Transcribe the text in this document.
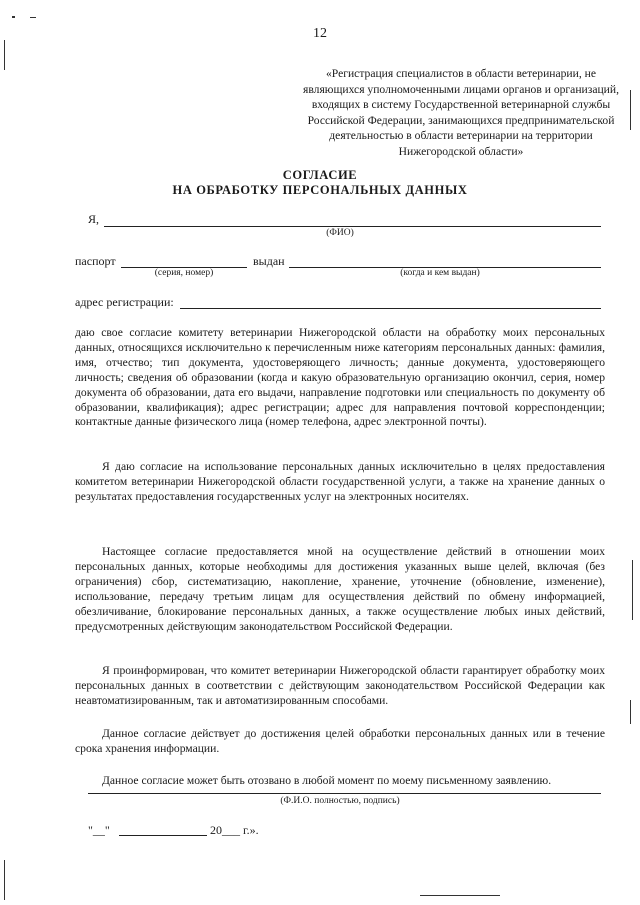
12
«Регистрация специалистов в области ветеринарии, не являющихся уполномоченными лицами органов и организаций, входящих в систему Государственной ветеринарной службы Российской Федерации, занимающихся предпринимательской деятельностью в области ветеринарии на территории Нижегородской области»
СОГЛАСИЕ
НА ОБРАБОТКУ ПЕРСОНАЛЬНЫХ ДАННЫХ
Я,
(ФИО)
паспорт
(серия, номер)
выдан
(когда и кем выдан)
адрес регистрации:
даю свое согласие комитету ветеринарии Нижегородской области на обработку моих персональных данных, относящихся исключительно к перечисленным ниже категориям персональных данных: фамилия, имя, отчество; тип документа, удостоверяющего личность; данные документа, удостоверяющего личность; сведения об образовании (когда и какую образовательную организацию окончил, серия, номер документа об образовании, дата его выдачи, направление подготовки или специальность по документу об образовании, квалификация); адрес регистрации; адрес для направления почтовой корреспонденции; контактные данные физического лица (номер телефона, адрес электронной почты).
Я даю согласие на использование персональных данных исключительно в целях предоставления комитетом ветеринарии Нижегородской области государственной услуги, а также на хранение данных о результатах предоставления государственных услуг на электронных носителях.
Настоящее согласие предоставляется мной на осуществление действий в отношении моих персональных данных, которые необходимы для достижения указанных выше целей, включая (без ограничения) сбор, систематизацию, накопление, хранение, уточнение (обновление, изменение), использование, передачу третьим лицам для осуществления действий по обмену информацией, обезличивание, блокирование персональных данных, а также осуществление любых иных действий, предусмотренных действующим законодательством Российской Федерации.
Я проинформирован, что комитет ветеринарии Нижегородской области гарантирует обработку моих персональных данных в соответствии с действующим законодательством Российской Федерации как неавтоматизированным, так и автоматизированным способами.
Данное согласие действует до достижения целей обработки персональных данных или в течение срока хранения информации.
Данное согласие может быть отозвано в любой момент по моему письменному заявлению.
(Ф.И.О. полностью, подпись)
"__"	20___ г.».
